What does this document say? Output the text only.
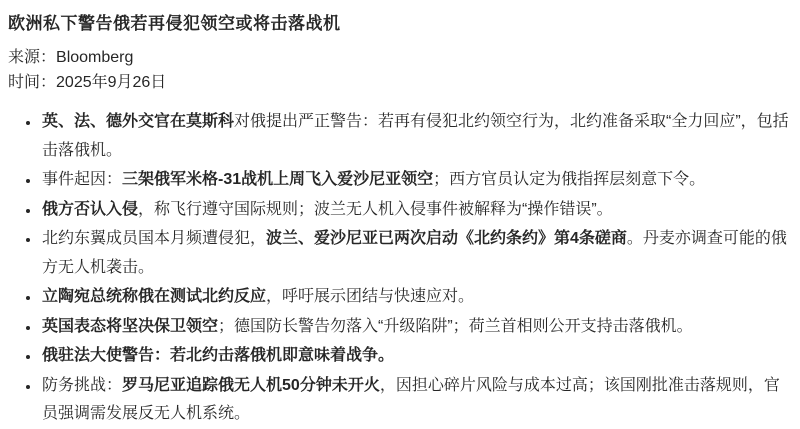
欧洲私下警告俄若再侵犯领空或将击落战机
来源：Bloomberg
时间：2025年9月26日
• 英、法、德外交官在莫斯科对俄提出严正警告：若再有侵犯北约领空行为，北约准备采取“全力回应”，包括击落俄机。
• 事件起因：三架俄军米格-31战机上周飞入爱沙尼亚领空；西方官员认定为俄指挥层刻意下令。
• 俄方否认入侵，称飞行遵守国际规则；波兰无人机入侵事件被解释为“操作错误”。
• 北约东翼成员国本月频遭侵犯，波兰、爱沙尼亚已两次启动《北约条约》第4条磋商。丹麦亦调查可能的俄方无人机袭击。
• 立陶宛总统称俄在测试北约反应，呼吁展示团结与快速应对。
• 英国表态将坚决保卫领空；德国防长警告勿落入“升级陷阱”；荷兰首相则公开支持击落俄机。
• 俄驻法大使警告：若北约击落俄机即意味着战争。
• 防务挑战：罗马尼亚追踪俄无人机50分钟未开火，因担心碎片风险与成本过高；该国刚批准击落规则，官员强调需发展反无人机系统。
